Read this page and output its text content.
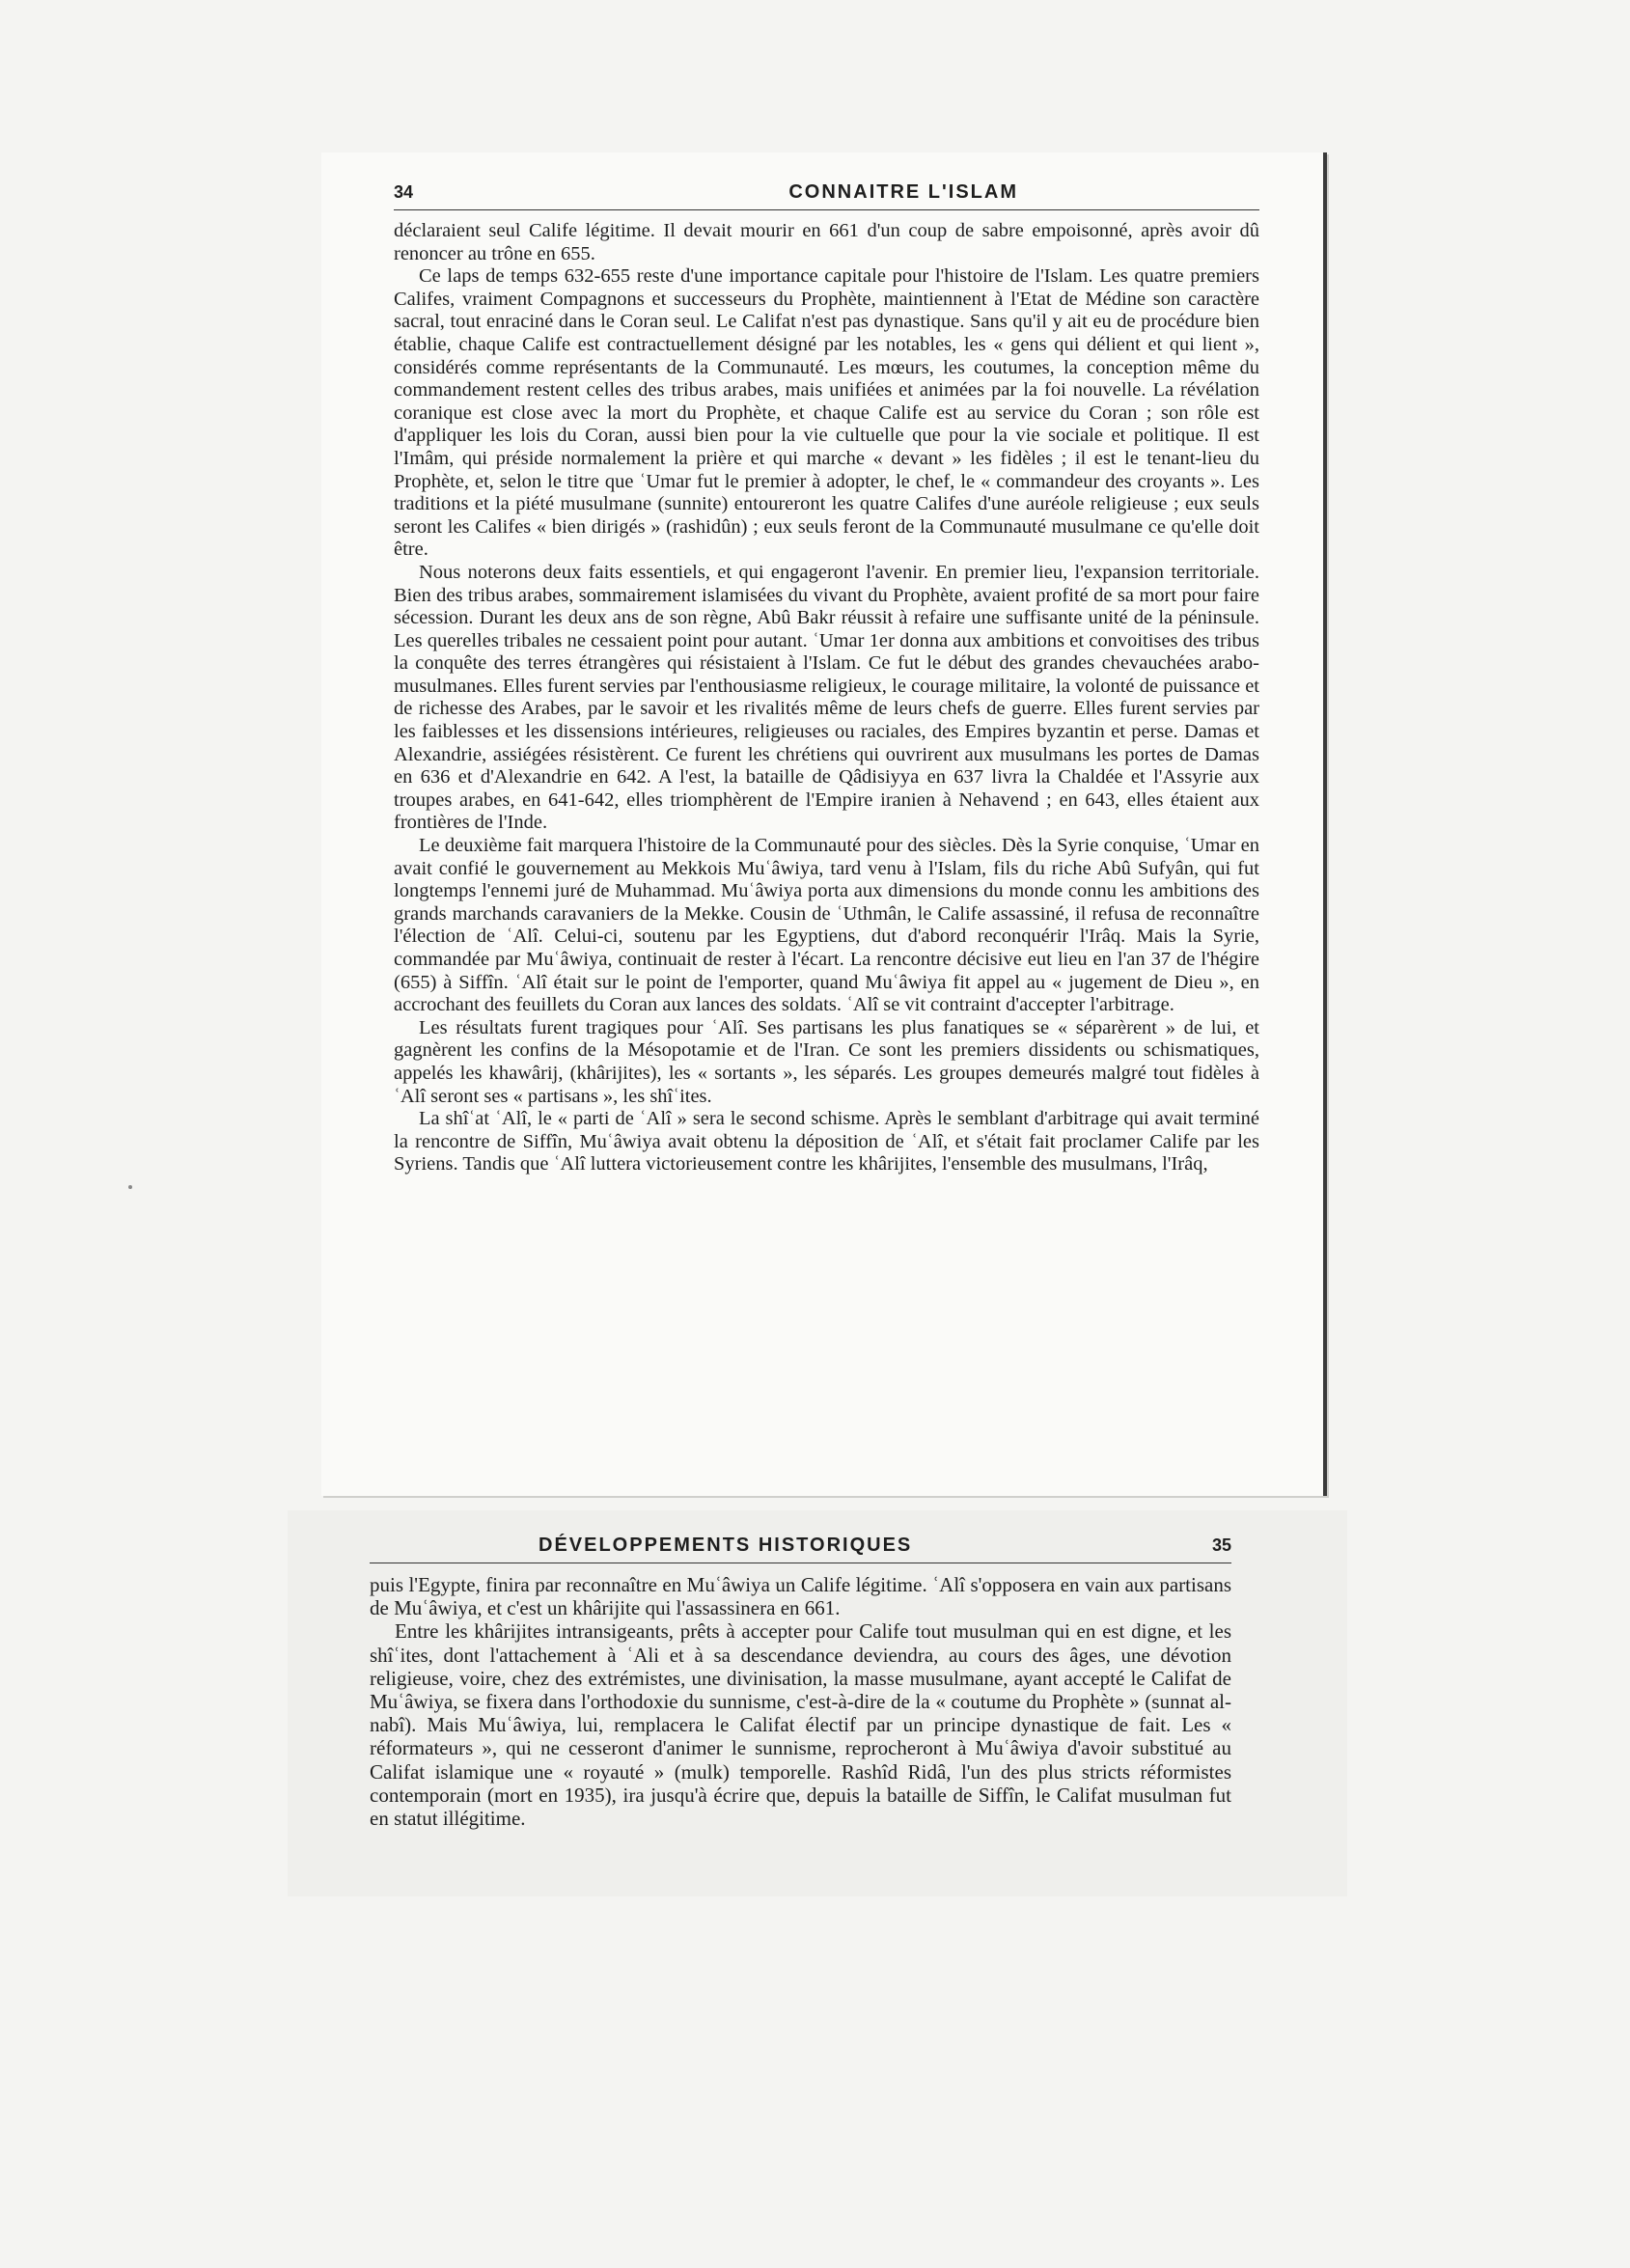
34	CONNAITRE L'ISLAM

déclaraient seul Calife légitime. Il devait mourir en 661 d'un coup de sabre empoisonné, après avoir dû renoncer au trône en 655.

Ce laps de temps 632-655 reste d'une importance capitale pour l'histoire de l'Islam. Les quatre premiers Califes, vraiment Compagnons et successeurs du Prophète, maintiennent à l'Etat de Médine son caractère sacral, tout enraciné dans le Coran seul. Le Califat n'est pas dynastique. Sans qu'il y ait eu de procédure bien établie, chaque Calife est contractuellement désigné par les notables, les « gens qui délient et qui lient », considérés comme représentants de la Communauté. Les mœurs, les coutumes, la conception même du commandement restent celles des tribus arabes, mais unifiées et animées par la foi nouvelle. La révélation coranique est close avec la mort du Prophète, et chaque Calife est au service du Coran ; son rôle est d'appliquer les lois du Coran, aussi bien pour la vie cultuelle que pour la vie sociale et politique. Il est l'Imâm, qui préside normalement la prière et qui marche « devant » les fidèles ; il est le tenant-lieu du Prophète, et, selon le titre que ʿUmar fut le premier à adopter, le chef, le « commandeur des croyants ». Les traditions et la piété musulmane (sunnite) entoureront les quatre Califes d'une auréole religieuse ; eux seuls seront les Califes « bien dirigés » (rashidûn) ; eux seuls feront de la Communauté musulmane ce qu'elle doit être.

Nous noterons deux faits essentiels, et qui engageront l'avenir. En premier lieu, l'expansion territoriale. Bien des tribus arabes, sommairement islamisées du vivant du Prophète, avaient profité de sa mort pour faire sécession. Durant les deux ans de son règne, Abû Bakr réussit à refaire une suffisante unité de la péninsule. Les querelles tribales ne cessaient point pour autant. ʿUmar 1er donna aux ambitions et convoitises des tribus la conquête des terres étrangères qui résistaient à l'Islam. Ce fut le début des grandes chevauchées arabo-musulmanes. Elles furent servies par l'enthousiasme religieux, le courage militaire, la volonté de puissance et de richesse des Arabes, par le savoir et les rivalités même de leurs chefs de guerre. Elles furent servies par les faiblesses et les dissensions intérieures, religieuses ou raciales, des Empires byzantin et perse. Damas et Alexandrie, assiégées résistèrent. Ce furent les chrétiens qui ouvrirent aux musulmans les portes de Damas en 636 et d'Alexandrie en 642. A l'est, la bataille de Qâdisiyya en 637 livra la Chaldée et l'Assyrie aux troupes arabes, en 641-642, elles triomphèrent de l'Empire iranien à Nehavend ; en 643, elles étaient aux frontières de l'Inde.

Le deuxième fait marquera l'histoire de la Communauté pour des siècles. Dès la Syrie conquise, ʿUmar en avait confié le gouvernement au Mekkois Muʿâwiya, tard venu à l'Islam, fils du riche Abû Sufyân, qui fut longtemps l'ennemi juré de Muhammad. Muʿâwiya porta aux dimensions du monde connu les ambitions des grands marchands caravaniers de la Mekke. Cousin de ʿUthmân, le Calife assassiné, il refusa de reconnaître l'élection de ʿAlî. Celui-ci, soutenu par les Egyptiens, dut d'abord reconquérir l'Irâq. Mais la Syrie, commandée par Muʿâwiya, continuait de rester à l'écart. La rencontre décisive eut lieu en l'an 37 de l'hégire (655) à Siffîn. ʿAlî était sur le point de l'emporter, quand Muʿâwiya fit appel au « jugement de Dieu », en accrochant des feuillets du Coran aux lances des soldats. ʿAlî se vit contraint d'accepter l'arbitrage.

Les résultats furent tragiques pour ʿAlî. Ses partisans les plus fanatiques se « séparèrent » de lui, et gagnèrent les confins de la Mésopotamie et de l'Iran. Ce sont les premiers dissidents ou schismatiques, appelés les khawârij, (khârijites), les « sortants », les séparés. Les groupes demeurés malgré tout fidèles à ʿAlî seront ses « partisans », les shîʿites.

La shîʿat ʿAlî, le « parti de ʿAlî » sera le second schisme. Après le semblant d'arbitrage qui avait terminé la rencontre de Siffîn, Muʿâwiya avait obtenu la déposition de ʿAlî, et s'était fait proclamer Calife par les Syriens. Tandis que ʿAlî luttera victorieusement contre les khârijites, l'ensemble des musulmans, l'Irâq,

DÉVELOPPEMENTS HISTORIQUES	35

puis l'Egypte, finira par reconnaître en Muʿâwiya un Calife légitime. ʿAlî s'opposera en vain aux partisans de Muʿâwiya, et c'est un khârijite qui l'assassinera en 661.

Entre les khârijites intransigeants, prêts à accepter pour Calife tout musulman qui en est digne, et les shîʿites, dont l'attachement à ʿAli et à sa descendance deviendra, au cours des âges, une dévotion religieuse, voire, chez des extrémistes, une divinisation, la masse musulmane, ayant accepté le Califat de Muʿâwiya, se fixera dans l'orthodoxie du sunnisme, c'est-à-dire de la « coutume du Prophète » (sunnat al-nabî). Mais Muʿâwiya, lui, remplacera le Califat électif par un principe dynastique de fait. Les « réformateurs », qui ne cesseront d'animer le sunnisme, reprocheront à Muʿâwiya d'avoir substitué au Califat islamique une « royauté » (mulk) temporelle. Rashîd Ridâ, l'un des plus stricts réformistes contemporain (mort en 1935), ira jusqu'à écrire que, depuis la bataille de Siffîn, le Califat musulman fut en statut illégitime.
